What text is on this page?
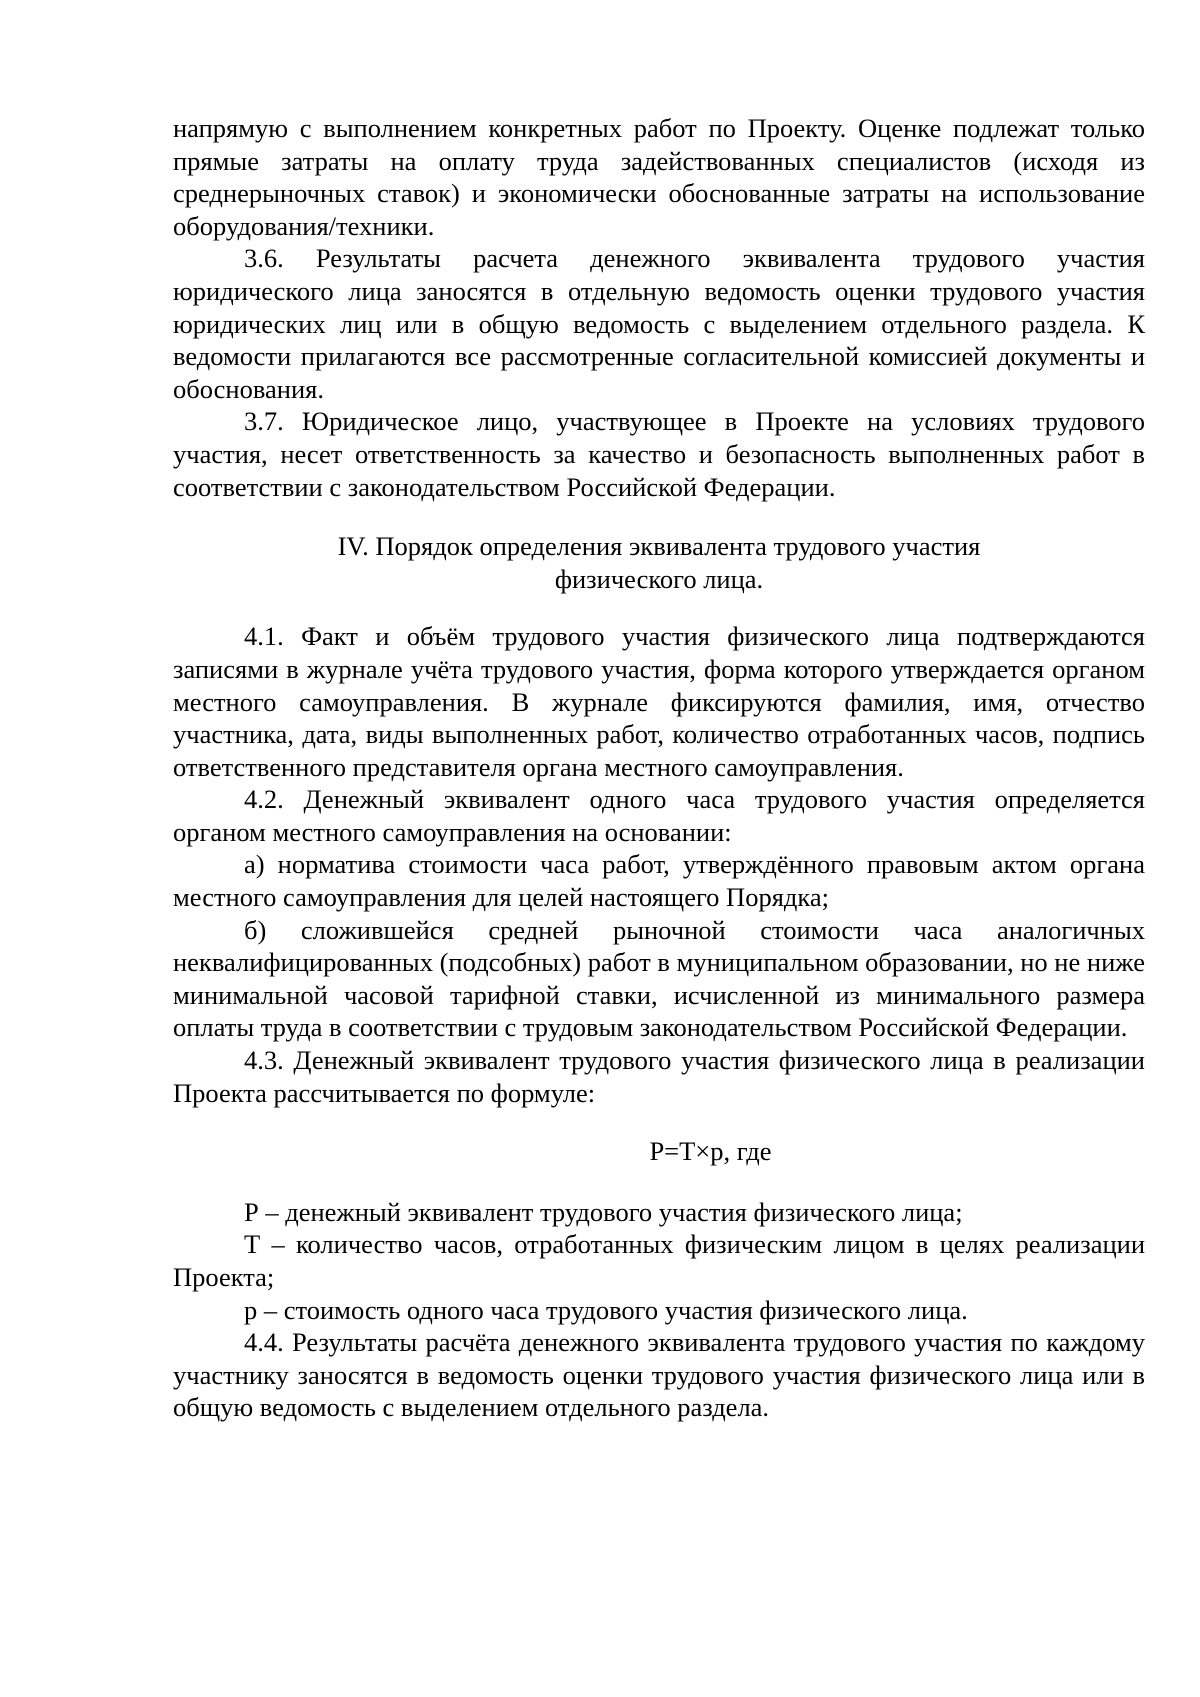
напрямую с выполнением конкретных работ по Проекту. Оценке подлежат только прямые затраты на оплату труда задействованных специалистов (исходя из среднерыночных ставок) и экономически обоснованные затраты на использование оборудования/техники.

3.6. Результаты расчета денежного эквивалента трудового участия юридического лица заносятся в отдельную ведомость оценки трудового участия юридических лиц или в общую ведомость с выделением отдельного раздела. К ведомости прилагаются все рассмотренные согласительной комиссией документы и обоснования.

3.7. Юридическое лицо, участвующее в Проекте на условиях трудового участия, несет ответственность за качество и безопасность выполненных работ в соответствии с законодательством Российской Федерации.

IV. Порядок определения эквивалента трудового участия
физического лица.

4.1. Факт и объём трудового участия физического лица подтверждаются записями в журнале учёта трудового участия, форма которого утверждается органом местного самоуправления. В журнале фиксируются фамилия, имя, отчество участника, дата, виды выполненных работ, количество отработанных часов, подпись ответственного представителя органа местного самоуправления.

4.2. Денежный эквивалент одного часа трудового участия определяется органом местного самоуправления на основании:

а) норматива стоимости часа работ, утверждённого правовым актом органа местного самоуправления для целей настоящего Порядка;

б) сложившейся средней рыночной стоимости часа аналогичных неквалифицированных (подсобных) работ в муниципальном образовании, но не ниже минимальной часовой тарифной ставки, исчисленной из минимального размера оплаты труда в соответствии с трудовым законодательством Российской Федерации.

4.3. Денежный эквивалент трудового участия физического лица в реализации Проекта рассчитывается по формуле:

Р=Т×р, где

Р – денежный эквивалент трудового участия физического лица;

Т – количество часов, отработанных физическим лицом в целях реализации Проекта;

р – стоимость одного часа трудового участия физического лица.

4.4. Результаты расчёта денежного эквивалента трудового участия по каждому участнику заносятся в ведомость оценки трудового участия физического лица или в общую ведомость с выделением отдельного раздела.
